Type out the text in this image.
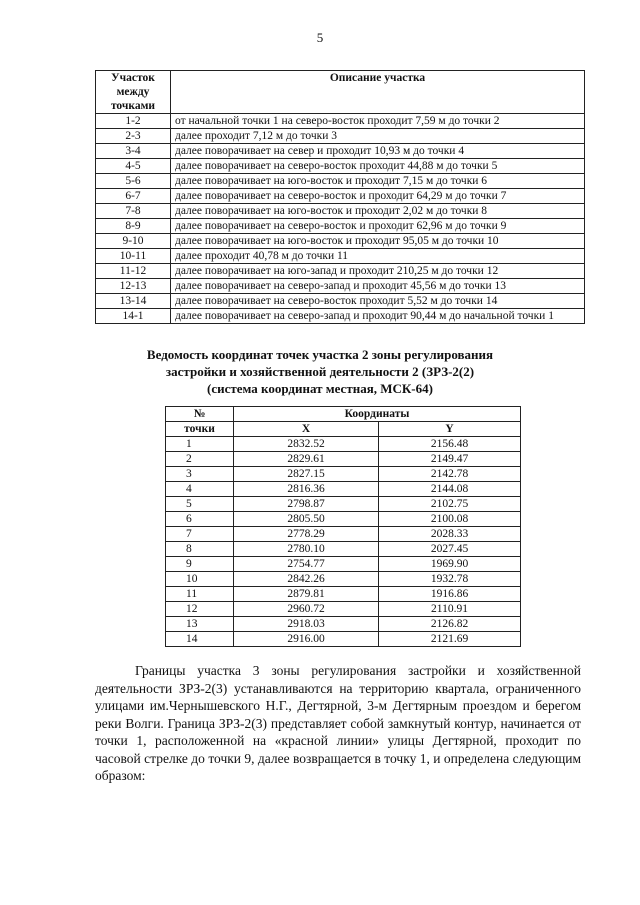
5
Участок между точками	Описание участка
1-2	от начальной точки 1 на северо-восток проходит 7,59 м до точки 2
2-3	далее проходит 7,12 м до точки 3
3-4	далее поворачивает на север и проходит 10,93 м до точки 4
4-5	далее поворачивает на северо-восток проходит 44,88 м до точки 5
5-6	далее поворачивает на юго-восток и проходит 7,15 м до точки 6
6-7	далее поворачивает на северо-восток и проходит 64,29 м до точки 7
7-8	далее поворачивает на юго-восток и проходит 2,02 м до точки 8
8-9	далее поворачивает на северо-восток и проходит 62,96 м до точки 9
9-10	далее поворачивает на юго-восток и проходит 95,05 м до точки 10
10-11	далее проходит 40,78 м до точки 11
11-12	далее поворачивает на юго-запад и проходит 210,25 м до точки 12
12-13	далее поворачивает на северо-запад и проходит 45,56 м до точки 13
13-14	далее поворачивает на северо-восток проходит 5,52 м до точки 14
14-1	далее поворачивает на северо-запад и проходит 90,44 м до начальной точки 1
Ведомость координат точек участка 2 зоны регулирования
застройки и хозяйственной деятельности 2 (ЗРЗ-2(2)
(система координат местная, МСК-64)
№	Координаты	
точки	X	Y
1	2832.52	2156.48
2	2829.61	2149.47
3	2827.15	2142.78
4	2816.36	2144.08
5	2798.87	2102.75
6	2805.50	2100.08
7	2778.29	2028.33
8	2780.10	2027.45
9	2754.77	1969.90
10	2842.26	1932.78
11	2879.81	1916.86
12	2960.72	2110.91
13	2918.03	2126.82
14	2916.00	2121.69
Границы участка 3 зоны регулирования застройки и хозяйственной деятельности ЗРЗ-2(3) устанавливаются на территорию квартала, ограниченного улицами им.Чернышевского Н.Г., Дегтярной, 3-м Дегтярным проездом и берегом реки Волги. Граница ЗРЗ-2(3) представляет собой замкнутый контур, начинается от точки 1, расположенной на «красной линии» улицы Дегтярной, проходит по часовой стрелке до точки 9, далее возвращается в точку 1, и определена следующим образом:
